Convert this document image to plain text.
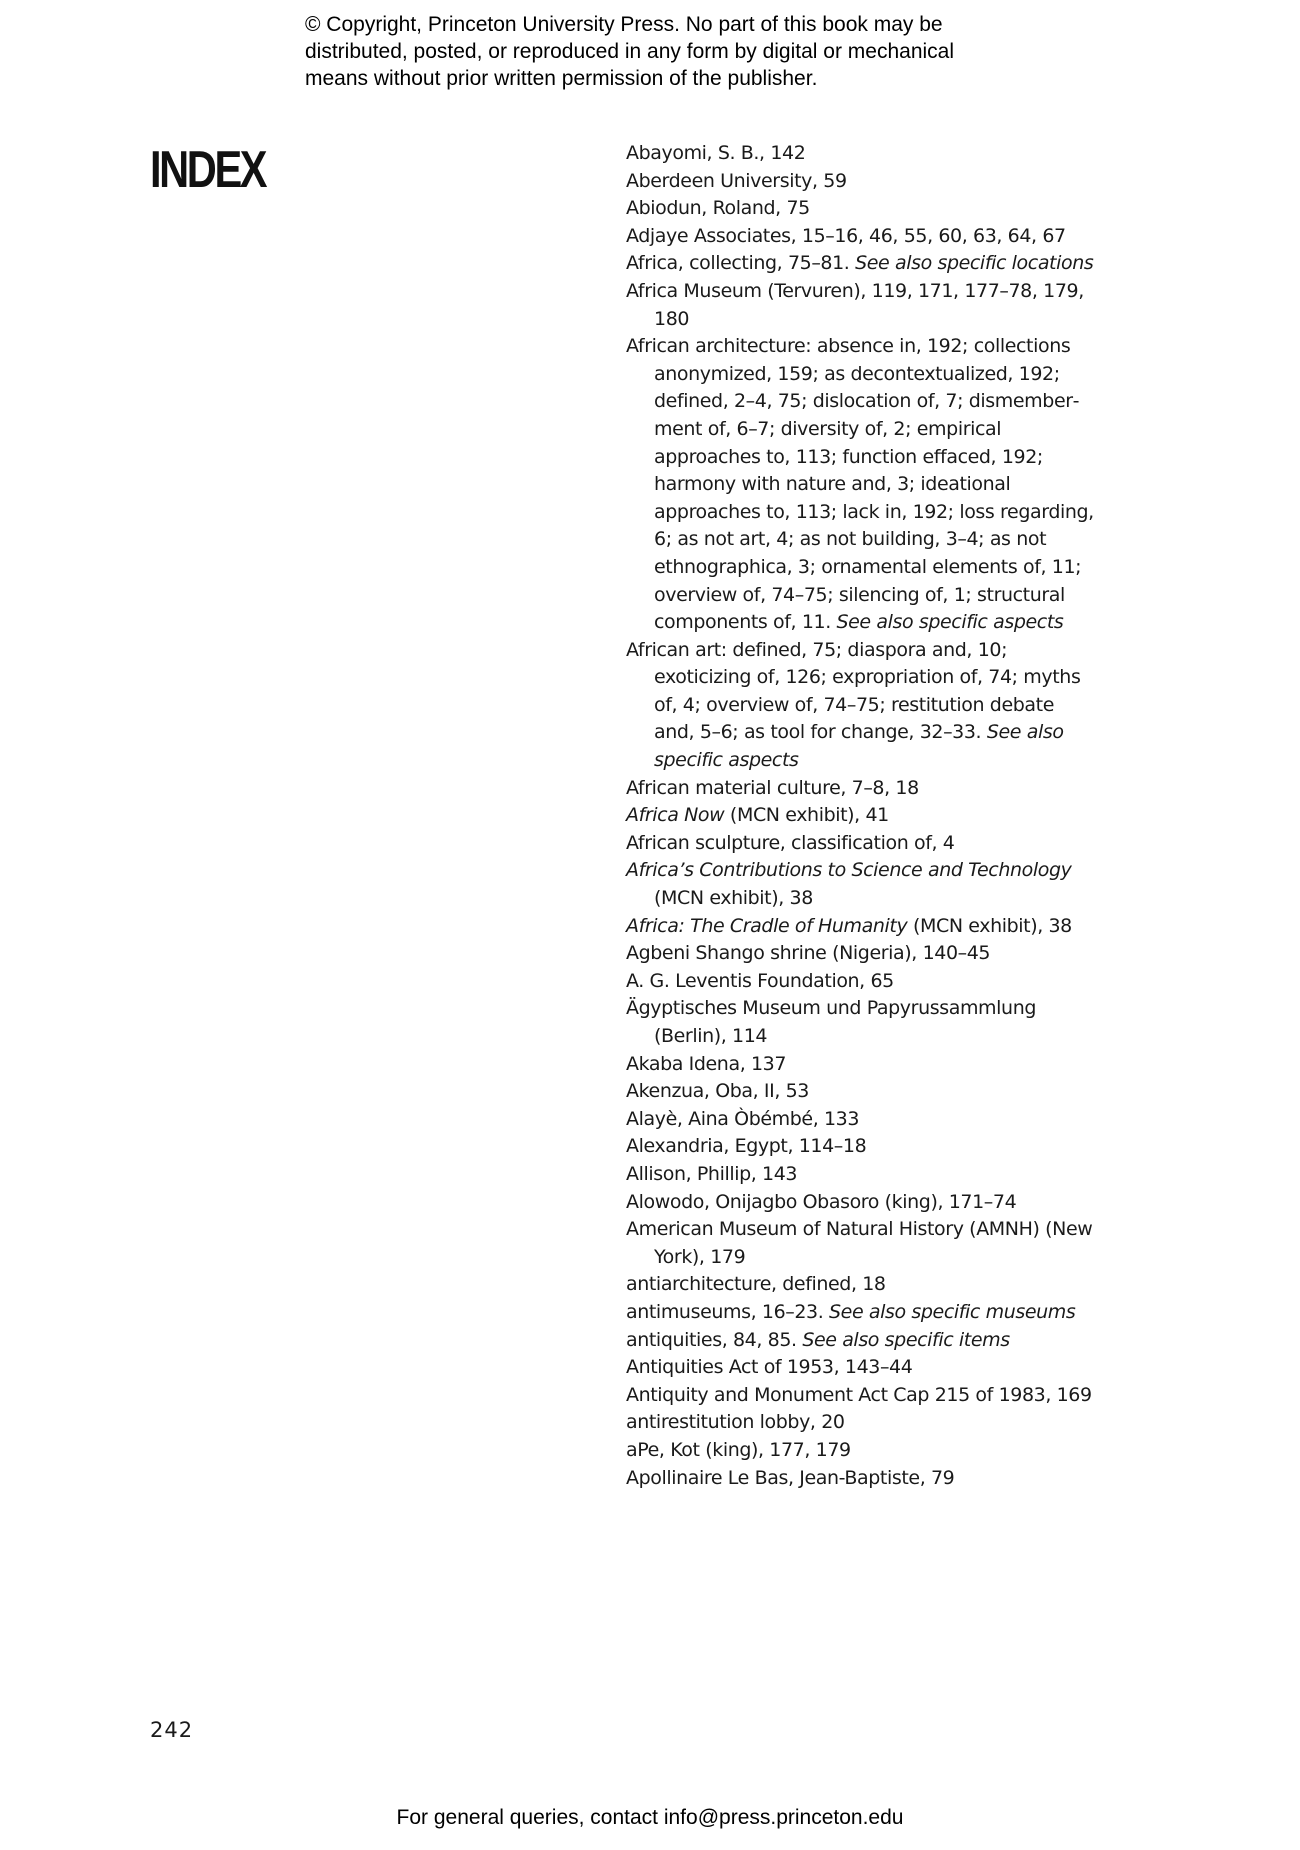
© Copyright, Princeton University Press. No part of this book may be
distributed, posted, or reproduced in any form by digital or mechanical
means without prior written permission of the publisher.
INDEX	Abayomi, S. B., 142
Aberdeen University, 59
Abiodun, Roland, 75
Adjaye Associates, 15–16, 46, 55, 60, 63, 64, 67
Africa, collecting, 75–81. See also specific locations
Africa Museum (Tervuren), 119, 171, 177–78, 179, 180
African architecture: absence in, 192; collections anonymized, 159; as decontextualized, 192; defined, 2–4, 75; dislocation of, 7; dismemberment of, 6–7; diversity of, 2; empirical approaches to, 113; function effaced, 192; harmony with nature and, 3; ideational approaches to, 113; lack in, 192; loss regarding, 6; as not art, 4; as not building, 3–4; as not ethnographica, 3; ornamental elements of, 11; overview of, 74–75; silencing of, 1; structural components of, 11. See also specific aspects
African art: defined, 75; diaspora and, 10; exoticizing of, 126; expropriation of, 74; myths of, 4; overview of, 74–75; restitution debate and, 5–6; as tool for change, 32–33. See also specific aspects
African material culture, 7–8, 18
Africa Now (MCN exhibit), 41
African sculpture, classification of, 4
Africa’s Contributions to Science and Technology (MCN exhibit), 38
Africa: The Cradle of Humanity (MCN exhibit), 38
Agbeni Shango shrine (Nigeria), 140–45
A. G. Leventis Foundation, 65
Ägyptisches Museum und Papyrussammlung (Berlin), 114
Akaba Idena, 137
Akenzua, Oba, II, 53
Alayè, Aina Òbémbé, 133
Alexandria, Egypt, 114–18
Allison, Phillip, 143
Alowodo, Onijagbo Obasoro (king), 171–74
American Museum of Natural History (AMNH) (New York), 179
antiarchitecture, defined, 18
antimuseums, 16–23. See also specific museums
antiquities, 84, 85. See also specific items
Antiquities Act of 1953, 143–44
Antiquity and Monument Act Cap 215 of 1983, 169
antirestitution lobby, 20
aPe, Kot (king), 177, 179
Apollinaire Le Bas, Jean-Baptiste, 79
242
For general queries, contact info@press.princeton.edu
